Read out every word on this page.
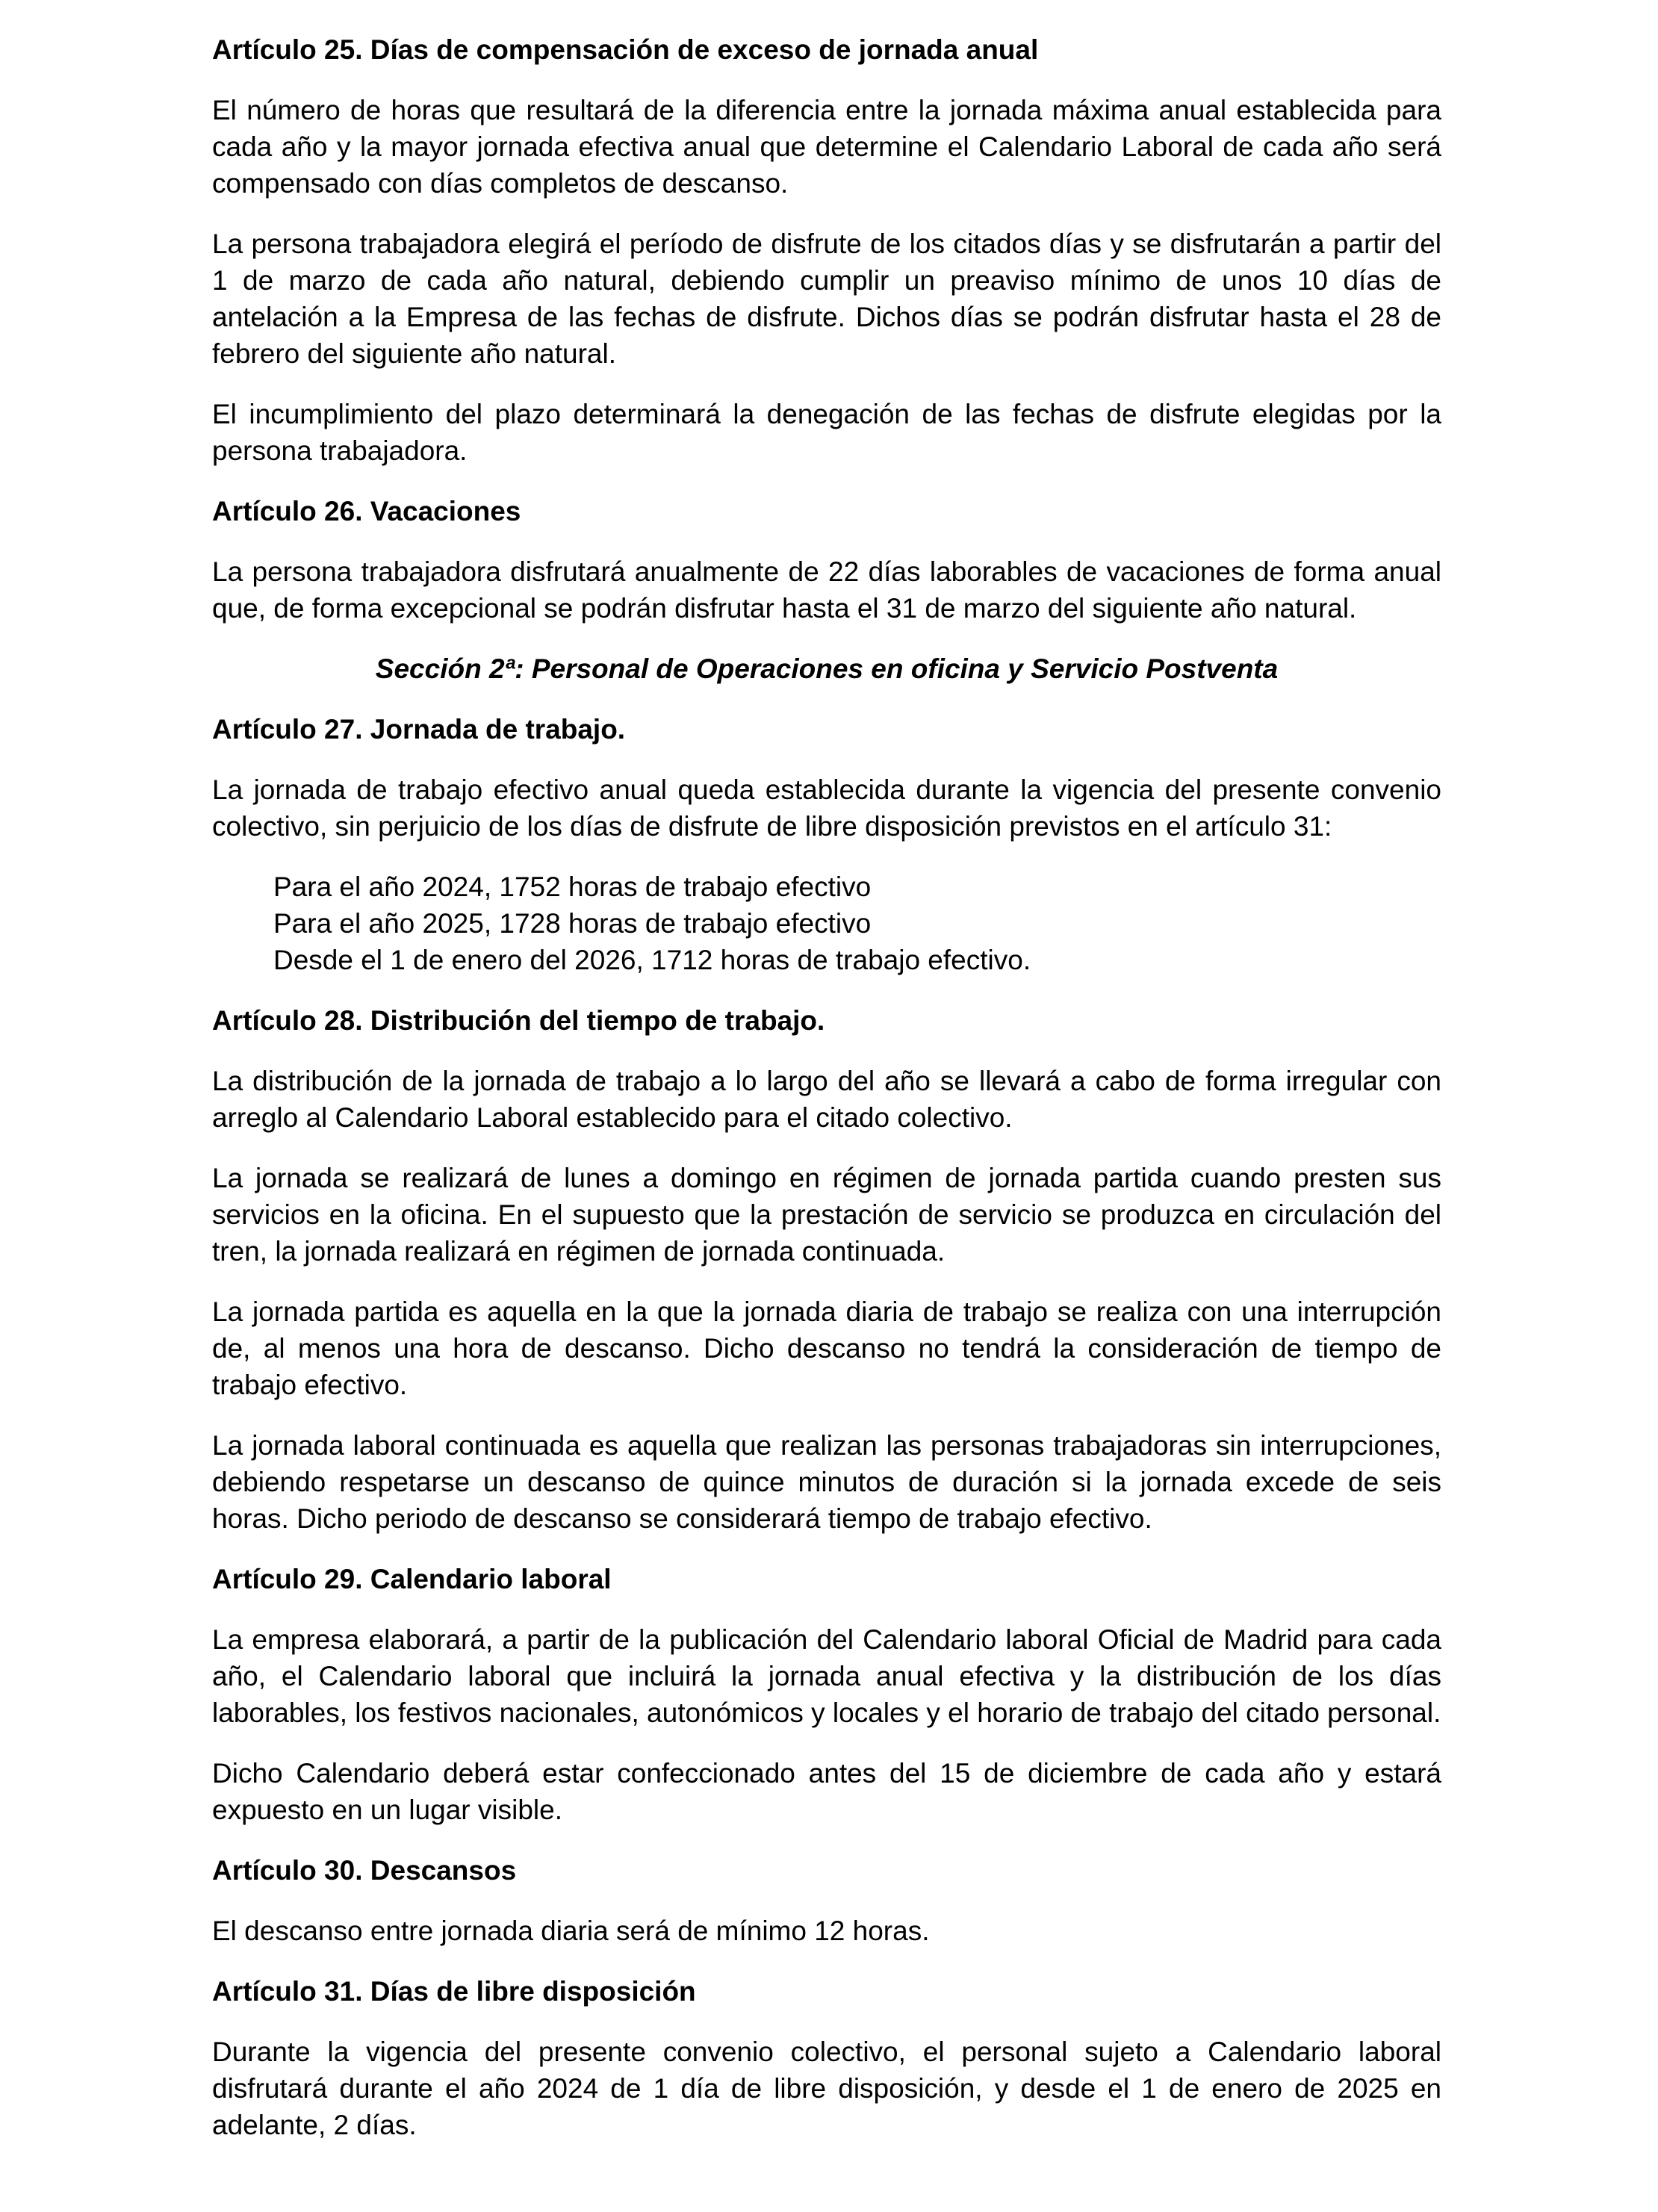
Artículo 25. Días de compensación de exceso de jornada anual

El número de horas que resultará de la diferencia entre la jornada máxima anual establecida para cada año y la mayor jornada efectiva anual que determine el Calendario Laboral de cada año será compensado con días completos de descanso.

La persona trabajadora elegirá el período de disfrute de los citados días y se disfrutarán a partir del 1 de marzo de cada año natural, debiendo cumplir un preaviso mínimo de unos 10 días de antelación a la Empresa de las fechas de disfrute. Dichos días se podrán disfrutar hasta el 28 de febrero del siguiente año natural.

El incumplimiento del plazo determinará la denegación de las fechas de disfrute elegidas por la persona trabajadora.

Artículo 26. Vacaciones

La persona trabajadora disfrutará anualmente de 22 días laborables de vacaciones de forma anual que, de forma excepcional se podrán disfrutar hasta el 31 de marzo del siguiente año natural.

Sección 2ª: Personal de Operaciones en oficina y Servicio Postventa
Artículo 27. Jornada de trabajo.

La jornada de trabajo efectivo anual queda establecida durante la vigencia del presente convenio colectivo, sin perjuicio de los días de disfrute de libre disposición previstos en el artículo 31:

Para el año 2024, 1752 horas de trabajo efectivo
Para el año 2025, 1728 horas de trabajo efectivo
Desde el 1 de enero del 2026, 1712 horas de trabajo efectivo.
Artículo 28. Distribución del tiempo de trabajo.

La distribución de la jornada de trabajo a lo largo del año se llevará a cabo de forma irregular con arreglo al Calendario Laboral establecido para el citado colectivo.

La jornada se realizará de lunes a domingo en régimen de jornada partida cuando presten sus servicios en la oficina. En el supuesto que la prestación de servicio se produzca en circulación del tren, la jornada realizará en régimen de jornada continuada.

La jornada partida es aquella en la que la jornada diaria de trabajo se realiza con una interrupción de, al menos una hora de descanso. Dicho descanso no tendrá la consideración de tiempo de trabajo efectivo.

La jornada laboral continuada es aquella que realizan las personas trabajadoras sin interrupciones, debiendo respetarse un descanso de quince minutos de duración si la jornada excede de seis horas. Dicho periodo de descanso se considerará tiempo de trabajo efectivo.

Artículo 29. Calendario laboral

La empresa elaborará, a partir de la publicación del Calendario laboral Oficial de Madrid para cada año, el Calendario laboral que incluirá la jornada anual efectiva y la distribución de los días laborables, los festivos nacionales, autonómicos y locales y el horario de trabajo del citado personal.

Dicho Calendario deberá estar confeccionado antes del 15 de diciembre de cada año y estará expuesto en un lugar visible.

Artículo 30. Descansos

El descanso entre jornada diaria será de mínimo 12 horas.

Artículo 31. Días de libre disposición

Durante la vigencia del presente convenio colectivo, el personal sujeto a Calendario laboral disfrutará durante el año 2024 de 1 día de libre disposición, y desde el 1 de enero de 2025 en adelante, 2 días.
